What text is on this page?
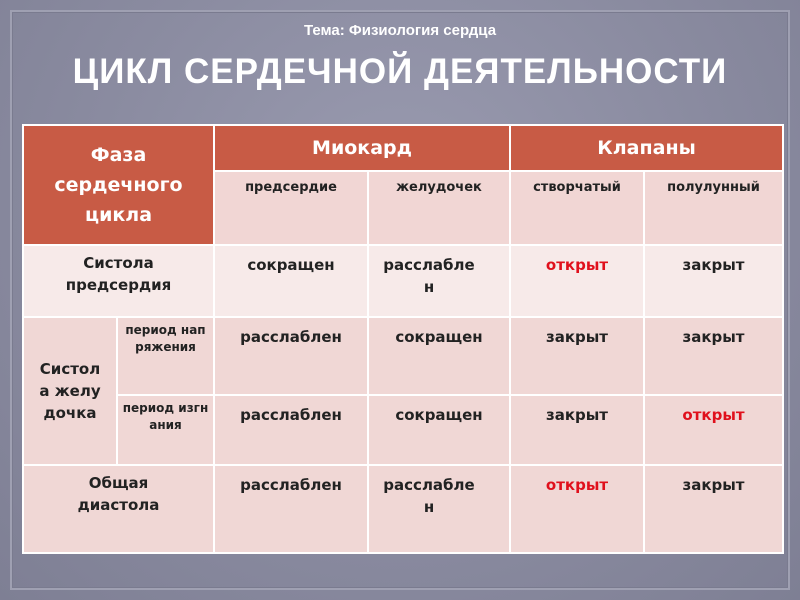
Тема: Физиология сердца
ЦИКЛ СЕРДЕЧНОЙ ДЕЯТЕЛЬНОСТИ
Фаза сердечного цикла		Миокард		Клапаны	
		предсердие	желудочек	створчатый	полулунный

Систола предсердия		сокращен	расслаблен	открыт	закрыт

Систола желудочка	период напряжения	расслаблен	сокращен	закрыт	закрыт

	период изгнания	расслаблен	сокращен	закрыт	открыт

Общая диастола		расслаблен	расслаблен	открыт	закрыт
